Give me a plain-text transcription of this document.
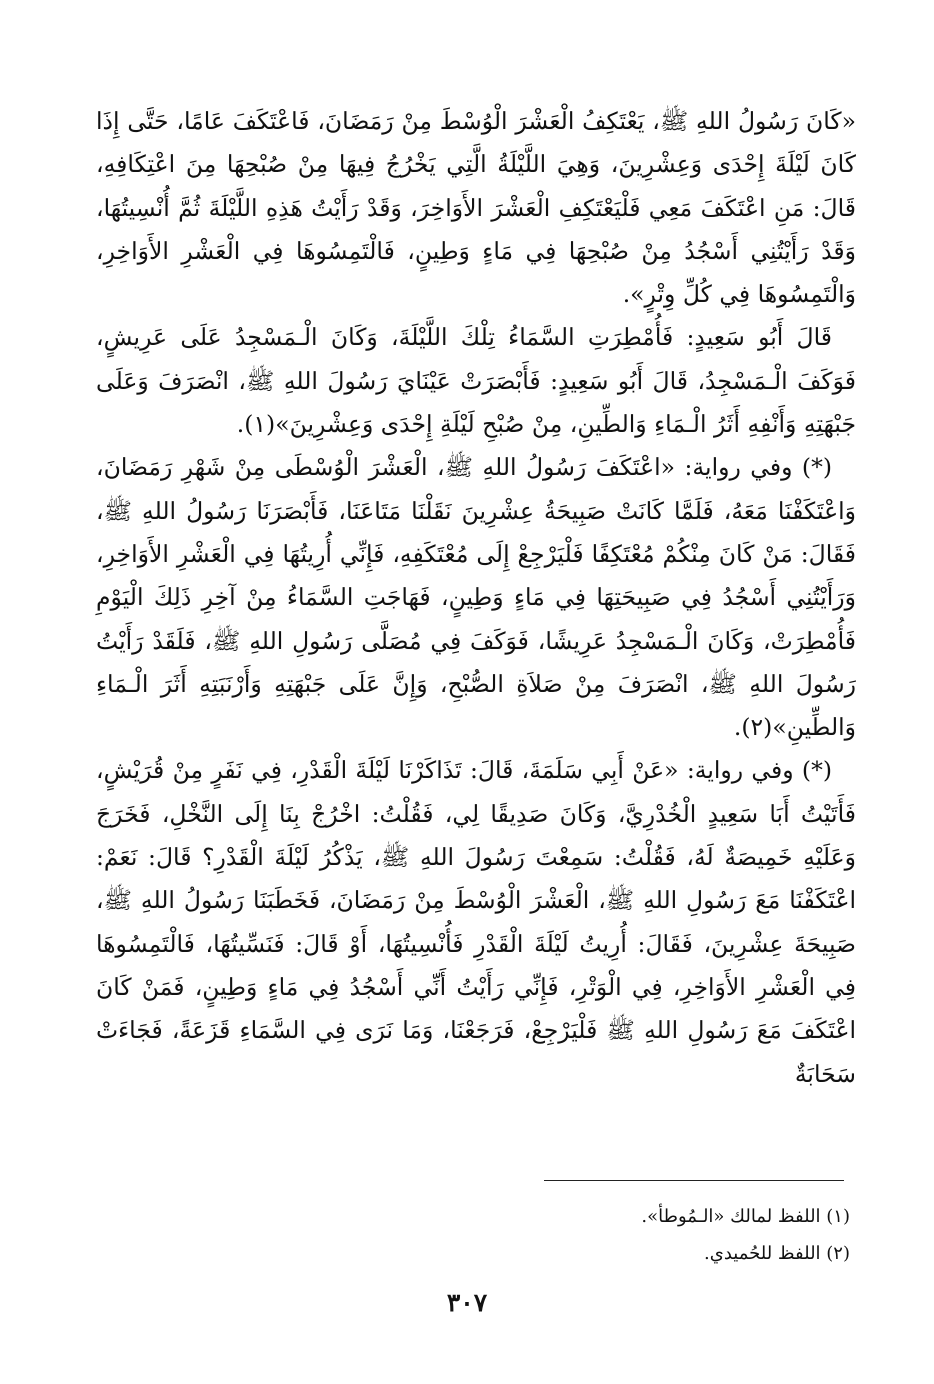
«كَانَ رَسُولُ اللهِ ﷺ، يَعْتَكِفُ الْعَشْرَ الْوُسْطَ مِنْ رَمَضَانَ، فَاعْتَكَفَ عَامًا، حَتَّى إِذَا كَانَ لَيْلَةَ إِحْدَى وَعِشْرِينَ، وَهِيَ اللَّيْلَةُ الَّتِي يَخْرُجُ فِيهَا مِنْ صُبْحِهَا مِنَ اعْتِكَافِهِ، قَالَ: مَنِ اعْتَكَفَ مَعِي فَلْيَعْتَكِفِ الْعَشْرَ الأَوَاخِرَ، وَقَدْ رَأَيْتُ هَذِهِ اللَّيْلَةَ ثُمَّ أُنْسِيتُهَا، وَقَدْ رَأَيْتُنِي أَسْجُدُ مِنْ صُبْحِهَا فِي مَاءٍ وَطِينٍ، فَالْتَمِسُوهَا فِي الْعَشْرِ الأَوَاخِرِ، وَالْتَمِسُوهَا فِي كُلِّ وِتْرٍ».

قَالَ أَبُو سَعِيدٍ: فَأُمْطِرَتِ السَّمَاءُ تِلْكَ اللَّيْلَةَ، وَكَانَ الْـمَسْجِدُ عَلَى عَرِيشٍ، فَوَكَفَ الْـمَسْجِدُ، قَالَ أَبُو سَعِيدٍ: فَأَبْصَرَتْ عَيْنَايَ رَسُولَ اللهِ ﷺ، انْصَرَفَ وَعَلَى جَبْهَتِهِ وَأَنْفِهِ أَثَرُ الْـمَاءِ وَالطِّينِ، مِنْ صُبْحِ لَيْلَةِ إِحْدَى وَعِشْرِينَ»(١).

(*) وفي رواية: «اعْتَكَفَ رَسُولُ اللهِ ﷺ، الْعَشْرَ الْوُسْطَى مِنْ شَهْرِ رَمَضَانَ، وَاعْتَكَفْنَا مَعَهُ، فَلَمَّا كَانَتْ صَبِيحَةُ عِشْرِينَ نَقَلْنَا مَتَاعَنَا، فَأَبْصَرَنَا رَسُولُ اللهِ ﷺ، فَقَالَ: مَنْ كَانَ مِنْكُمْ مُعْتَكِفًا فَلْيَرْجِعْ إِلَى مُعْتَكَفِهِ، فَإِنِّي أُرِيتُهَا فِي الْعَشْرِ الأَوَاخِرِ، وَرَأَيْتُنِي أَسْجُدُ فِي صَبِيحَتِهَا فِي مَاءٍ وَطِينٍ، فَهَاجَتِ السَّمَاءُ مِنْ آخِرِ ذَلِكَ الْيَوْمِ فَأُمْطِرَتْ، وَكَانَ الْـمَسْجِدُ عَرِيشًا، فَوَكَفَ فِي مُصَلَّى رَسُولِ اللهِ ﷺ، فَلَقَدْ رَأَيْتُ رَسُولَ اللهِ ﷺ، انْصَرَفَ مِنْ صَلاَةِ الصُّبْحِ، وَإِنَّ عَلَى جَبْهَتِهِ وَأَرْنَبَتِهِ أَثَرَ الْـمَاءِ وَالطِّينِ»(٢).

(*) وفي رواية: «عَنْ أَبِي سَلَمَةَ، قَالَ: تَذَاكَرْنَا لَيْلَةَ الْقَدْرِ، فِي نَفَرٍ مِنْ قُرَيْشٍ، فَأَتَيْتُ أَبَا سَعِيدٍ الْخُدْرِيَّ، وَكَانَ صَدِيقًا لِي، فَقُلْتُ: اخْرُجْ بِنَا إِلَى النَّخْلِ، فَخَرَجَ وَعَلَيْهِ خَمِيصَةٌ لَهُ، فَقُلْتُ: سَمِعْتَ رَسُولَ اللهِ ﷺ، يَذْكُرُ لَيْلَةَ الْقَدْرِ؟ قَالَ: نَعَمْ: اعْتَكَفْنَا مَعَ رَسُولِ اللهِ ﷺ، الْعَشْرَ الْوُسْطَ مِنْ رَمَضَانَ، فَخَطَبَنَا رَسُولُ اللهِ ﷺ، صَبِيحَةَ عِشْرِينَ، فَقَالَ: أُرِيتُ لَيْلَةَ الْقَدْرِ فَأُنْسِيتُهَا، أَوْ قَالَ: فَنَسِّيتُهَا، فَالْتَمِسُوهَا فِي الْعَشْرِ الأَوَاخِرِ، فِي الْوَتْرِ، فَإِنِّي رَأَيْتُ أَنِّي أَسْجُدُ فِي مَاءٍ وَطِينٍ، فَمَنْ كَانَ اعْتَكَفَ مَعَ رَسُولِ اللهِ ﷺ فَلْيَرْجِعْ، فَرَجَعْنَا، وَمَا نَرَى فِي السَّمَاءِ قَزَعَةً، فَجَاءَتْ سَحَابَةٌ

(١) اللفظ لمالك «الـمُوطأ».
(٢) اللفظ للحُميدي.
٣٠٧
